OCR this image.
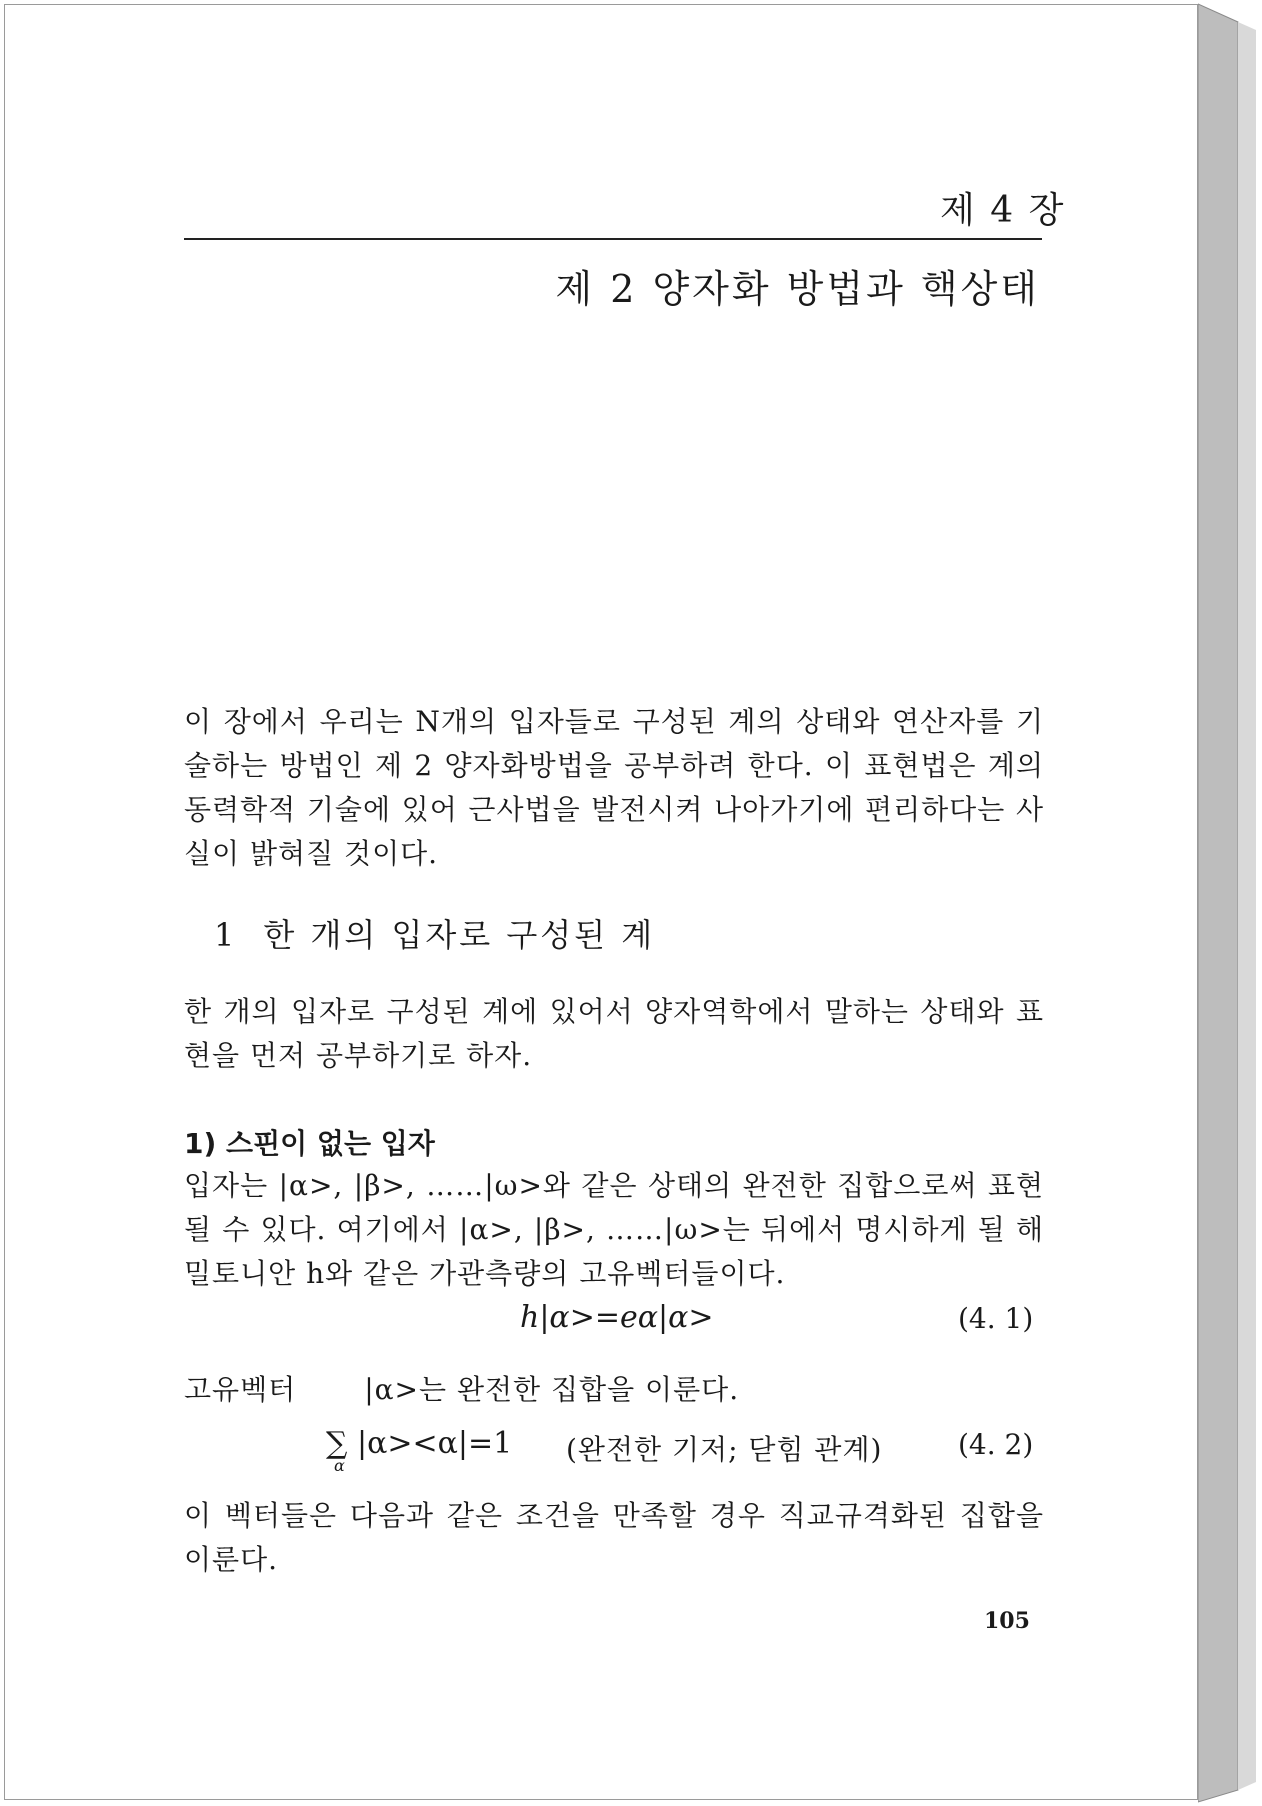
제 4 장
제 2 양자화 방법과 핵상태
이 장에서 우리는 N개의 입자들로 구성된 계의 상태와 연산자를 기술하는 방법인 제 2 양자화방법을 공부하려 한다. 이 표현법은 계의 동력학적 기술에 있어 근사법을 발전시켜 나아가기에 편리하다는 사실이 밝혀질 것이다.
1 한 개의 입자로 구성된 계
한 개의 입자로 구성된 계에 있어서 양자역학에서 말하는 상태와 표현을 먼저 공부하기로 하자.
1) 스핀이 없는 입자
입자는 |α>, |β>, ……|ω>와 같은 상태의 완전한 집합으로써 표현될 수 있다. 여기에서 |α>, |β>, ……|ω>는 뒤에서 명시하게 될 해밀토니안 h와 같은 가관측량의 고유벡터들이다.
h|α>=eα|α>	(4. 1)
고유벡터 |α>는 완전한 집합을 이룬다.
∑
α
|α><α|=1 (완전한 기저; 닫힘 관계)	(4. 2)
이 벡터들은 다음과 같은 조건을 만족할 경우 직교규격화된 집합을 이룬다.
105
